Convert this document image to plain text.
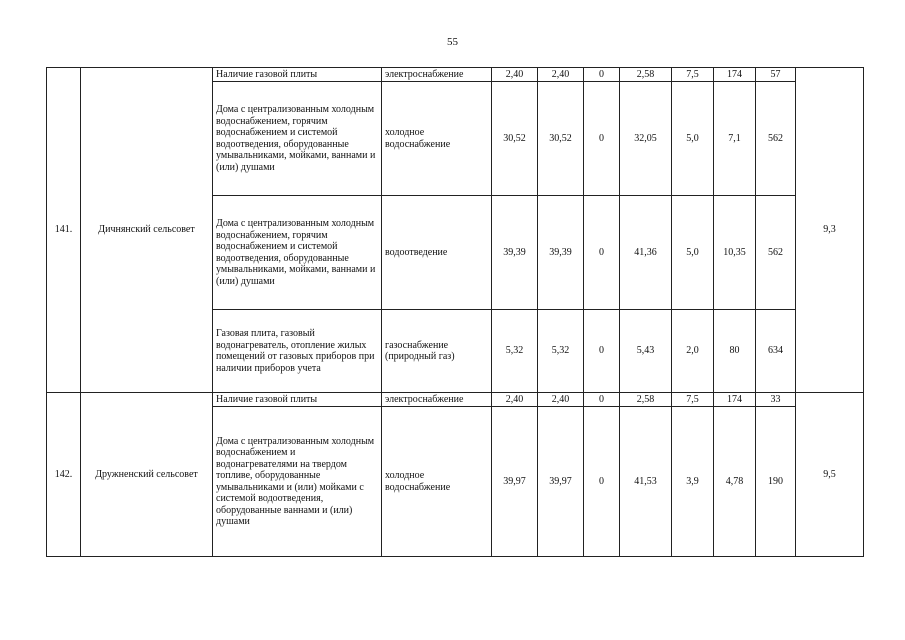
55
141.	Дичнянский сельсовет	Наличие газовой плиты	электроснабжение	2,40	2,40	0	2,58	7,5	174	57	9,3
		Дома с централизованным холодным водоснабжением, горячим водоснабжением и системой водоотведения, оборудованные умывальниками, мойками, ваннами и (или) душами	холодное водоснабжение	30,52	30,52	0	32,05	5,0	7,1	562	
		Дома с централизованным холодным водоснабжением, горячим водоснабжением и системой водоотведения, оборудованные умывальниками, мойками, ваннами и (или) душами	водоотведение	39,39	39,39	0	41,36	5,0	10,35	562	
		Газовая плита, газовый водонагреватель, отопление жилых помещений от газовых приборов при наличии приборов учета	газоснабжение (природный газ)	5,32	5,32	0	5,43	2,0	80	634	
142.	Дружненский сельсовет	Наличие газовой плиты	электроснабжение	2,40	2,40	0	2,58	7,5	174	33	9,5
		Дома с централизованным холодным водоснабжением и водонагревателями на твердом топливе, оборудованные умывальниками и (или) мойками с системой водоотведения, оборудованные ваннами и (или) душами	холодное водоснабжение	39,97	39,97	0	41,53	3,9	4,78	190	
